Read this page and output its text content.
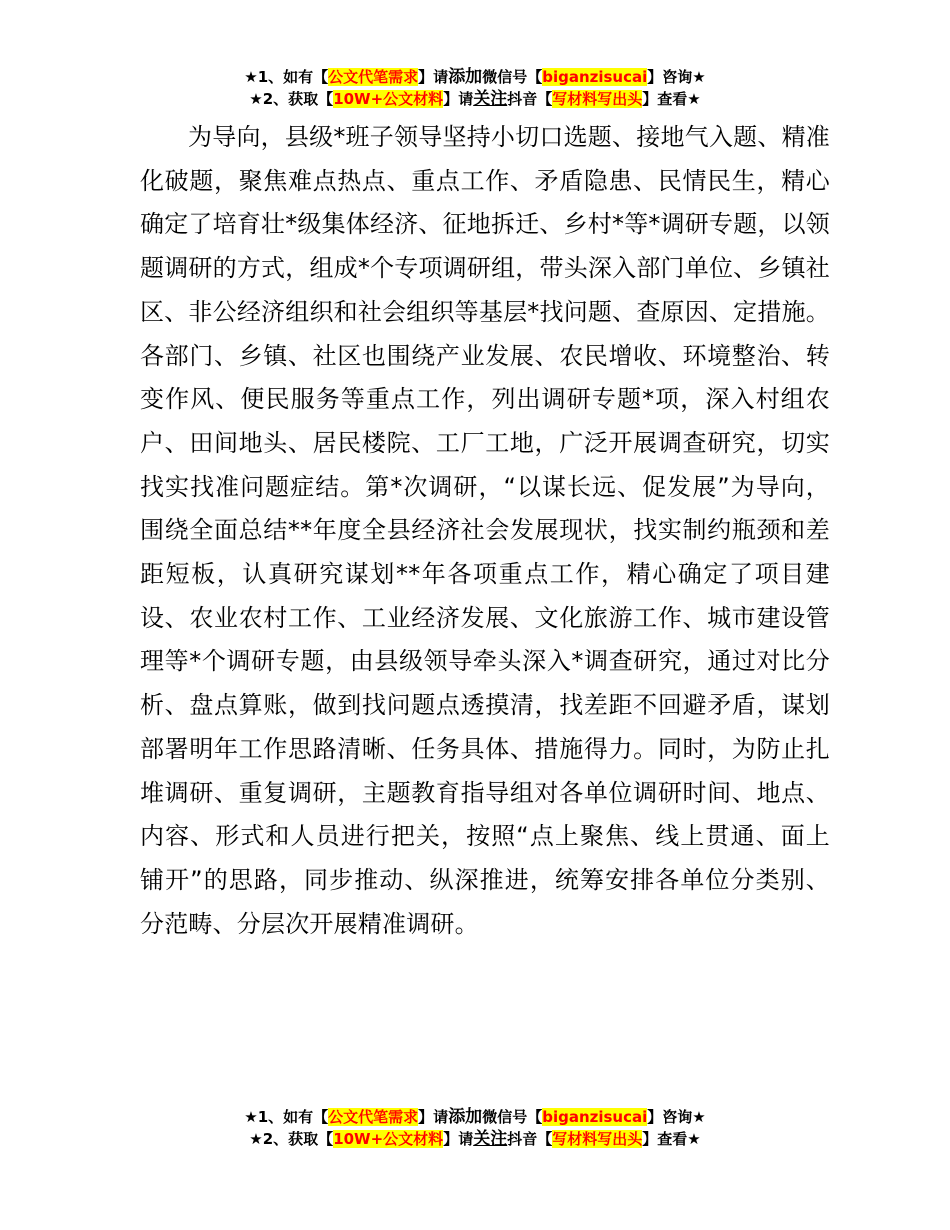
★1、如有【公文代笔需求】请添加微信号【biganzisucai】咨询★
★2、获取【10W+公文材料】请关注抖音【写材料写出头】查看★

为导向，县级*班子领导坚持小切口选题、接地气入题、精准化破题，聚焦难点热点、重点工作、矛盾隐患、民情民生，精心确定了培育壮*级集体经济、征地拆迁、乡村*等*调研专题，以领题调研的方式，组成*个专项调研组，带头深入部门单位、乡镇社区、非公经济组织和社会组织等基层*找问题、查原因、定措施。各部门、乡镇、社区也围绕产业发展、农民增收、环境整治、转变作风、便民服务等重点工作，列出调研专题*项，深入村组农户、田间地头、居民楼院、工厂工地，广泛开展调查研究，切实找实找准问题症结。第*次调研，“以谋长远、促发展”为导向，围绕全面总结**年度全县经济社会发展现状，找实制约瓶颈和差距短板，认真研究谋划**年各项重点工作，精心确定了项目建设、农业农村工作、工业经济发展、文化旅游工作、城市建设管理等*个调研专题，由县级领导牵头深入*调查研究，通过对比分析、盘点算账，做到找问题点透摸清，找差距不回避矛盾，谋划部署明年工作思路清晰、任务具体、措施得力。同时，为防止扎堆调研、重复调研，主题教育指导组对各单位调研时间、地点、内容、形式和人员进行把关，按照“点上聚焦、线上贯通、面上铺开”的思路，同步推动、纵深推进，统筹安排各单位分类别、分范畴、分层次开展精准调研。

★1、如有【公文代笔需求】请添加微信号【biganzisucai】咨询★
★2、获取【10W+公文材料】请关注抖音【写材料写出头】查看★
